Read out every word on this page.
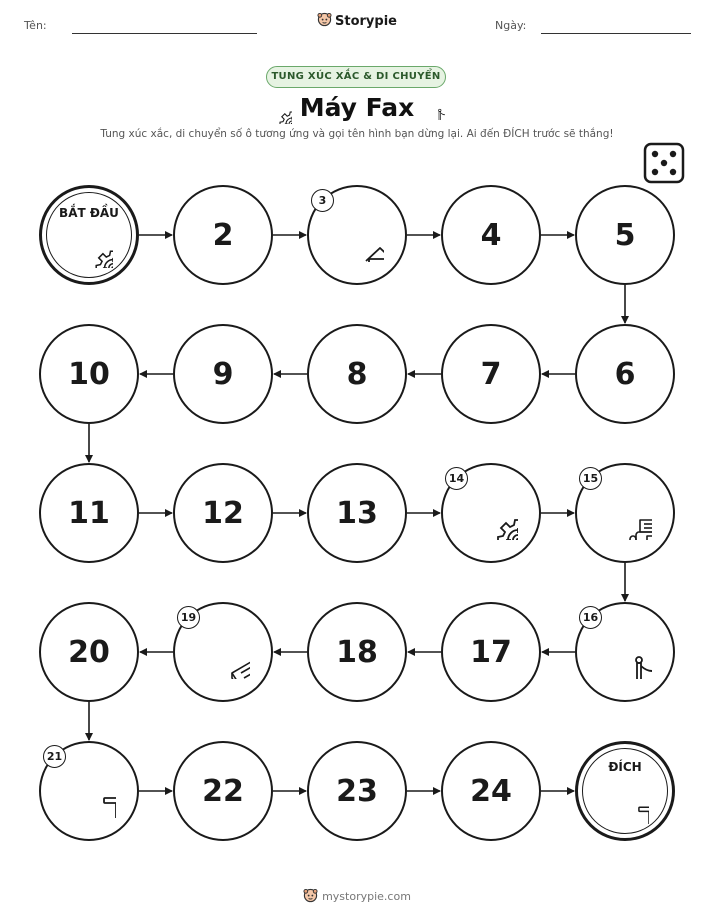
Tên:	Storypie	Ngày:
TUNG XÚC XẮC & DI CHUYỂN
Máy Fax
Tung xúc xắc, di chuyển số ô tương ứng và gọi tên hình bạn dừng lại. Ai đến ĐÍCH trước sẽ thắng!
BẮT ĐẦU
2
3
4	5
6
7
8
9
10
11	12	13
14	15
16
17
18
19
20
21
22	23	24
ĐÍCH
mystorypie.com
